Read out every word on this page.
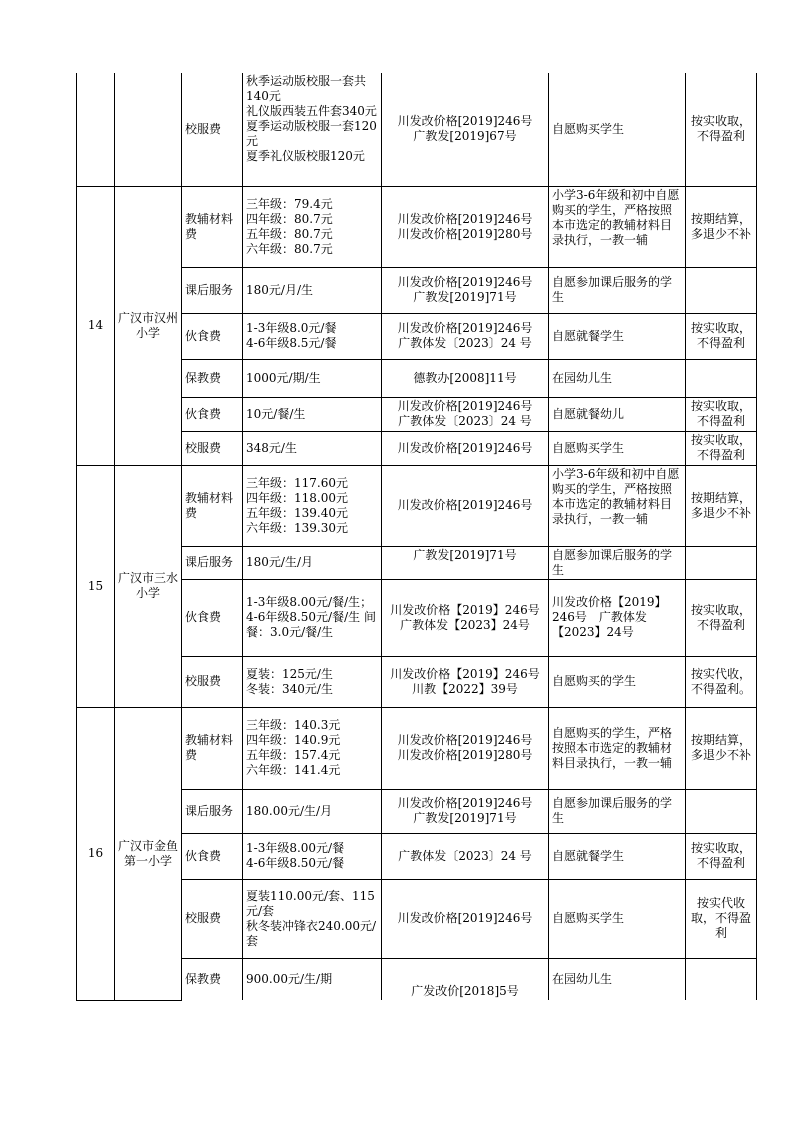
		校服费	秋季运动版校服一套共140元
礼仪版西装五件套340元
夏季运动版校服一套120元
夏季礼仪版校服120元	川发改价格[2019]246号
广教发[2019]67号	自愿购买学生	按实收取，不得盈利
14	广汉市汉州小学	教辅材料费	三年级：79.4元
四年级：80.7元
五年级：80.7元
六年级：80.7元	川发改价格[2019]246号
川发改价格[2019]280号	小学3-6年级和初中自愿购买的学生，严格按照本市选定的教辅材料目录执行，一教一辅	按期结算，多退少不补
		课后服务	180元/月/生	川发改价格[2019]246号
广教发[2019]71号	自愿参加课后服务的学生	
		伙食费	1-3年级8.0元/餐
4-6年级8.5元/餐	川发改价格[2019]246号
广教体发〔2023〕24 号	自愿就餐学生	按实收取，不得盈利
		保教费	1000元/期/生	德教办[2008]11号	在园幼儿生	
		伙食费	10元/餐/生	川发改价格[2019]246号
广教体发〔2023〕24 号	自愿就餐幼儿	按实收取，不得盈利
		校服费	348元/生	川发改价格[2019]246号	自愿购买学生	按实收取，不得盈利
15	广汉市三水小学	教辅材料费	三年级：117.60元
四年级：118.00元
五年级：139.40元
六年级：139.30元	川发改价格[2019]246号	小学3-6年级和初中自愿购买的学生，严格按照本市选定的教辅材料目录执行，一教一辅	按期结算，多退少不补
		课后服务	180元/生/月	广教发[2019]71号	自愿参加课后服务的学生	
		伙食费	1-3年级8.00元/餐/生；4-6年级8.50元/餐/生 间餐：3.0元/餐/生	川发改价格【2019】246号
广教体发【2023】24号	川发改价格【2019】246号　广教体发【2023】24号	按实收取，不得盈利
		校服费	夏装：125元/生
冬装：340元/生	川发改价格【2019】246号
川教【2022】39号	自愿购买的学生	按实代收，不得盈利。
16	广汉市金鱼第一小学	教辅材料费	三年级：140.3元
四年级：140.9元
五年级：157.4元
六年级：141.4元	川发改价格[2019]246号
川发改价格[2019]280号	自愿购买的学生，严格按照本市选定的教辅材料目录执行，一教一辅	按期结算，多退少不补
		课后服务	180.00元/生/月	川发改价格[2019]246号
广教发[2019]71号	自愿参加课后服务的学生	
		伙食费	1-3年级8.00元/餐
4-6年级8.50元/餐	广教体发〔2023〕24 号	自愿就餐学生	按实收取，不得盈利
		校服费	夏装110.00元/套、115元/套
秋冬装冲锋衣240.00元/套	川发改价格[2019]246号	自愿购买学生	按实代收取，不得盈利
		保教费	900.00元/生/期	广发改价[2018]5号	在园幼儿生	
